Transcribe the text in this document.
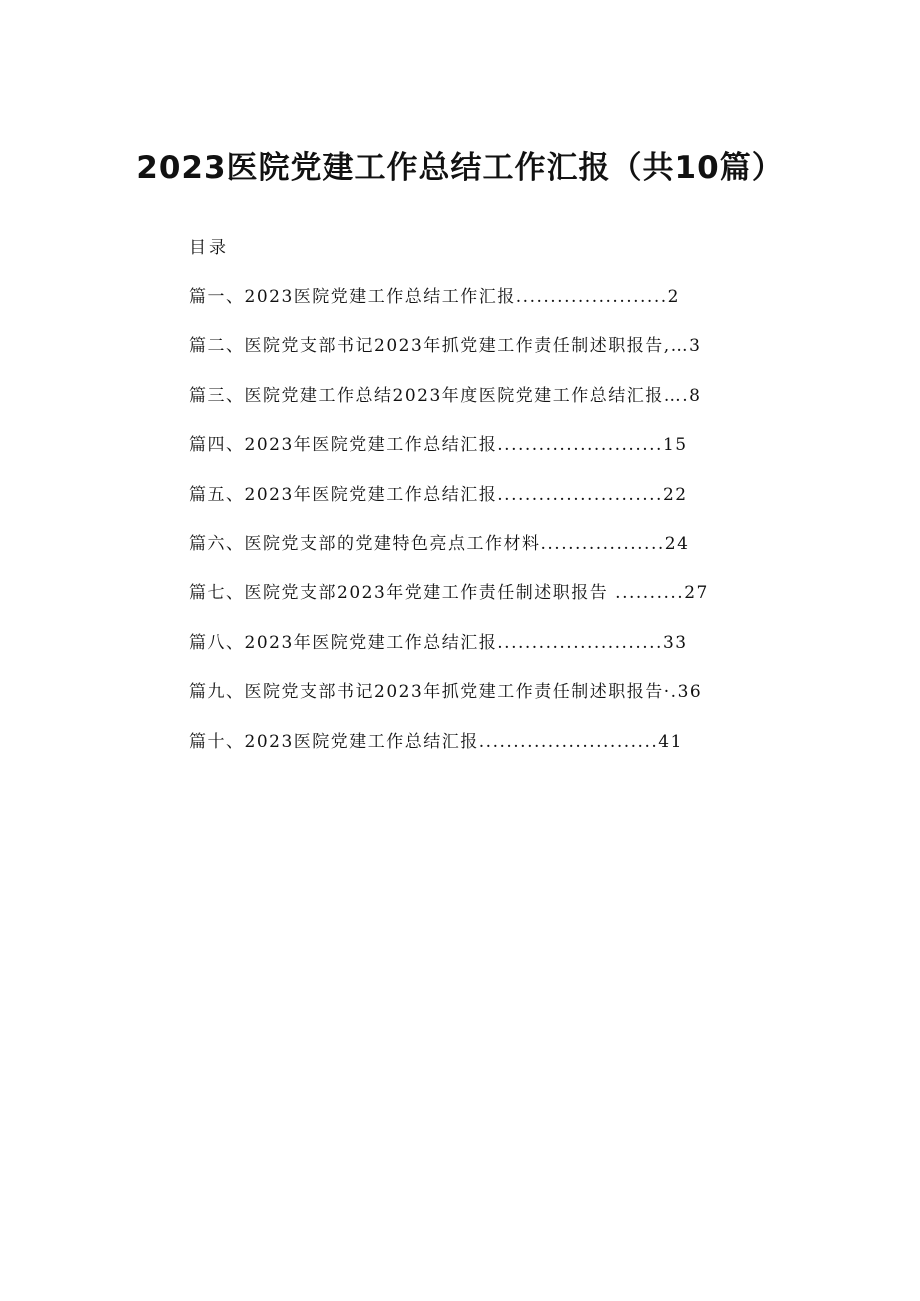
2023医院党建工作总结工作汇报（共10篇）
目录
篇一、2023医院党建工作总结工作汇报......................2
篇二、医院党支部书记2023年抓党建工作责任制述职报告,…3
篇三、医院党建工作总结2023年度医院党建工作总结汇报….8
篇四、2023年医院党建工作总结汇报........................15
篇五、2023年医院党建工作总结汇报........................22
篇六、医院党支部的党建特色亮点工作材料..................24
篇七、医院党支部2023年党建工作责任制述职报告 ..........27
篇八、2023年医院党建工作总结汇报........................33
篇九、医院党支部书记2023年抓党建工作责任制述职报告·.36
篇十、2023医院党建工作总结汇报..........................41
